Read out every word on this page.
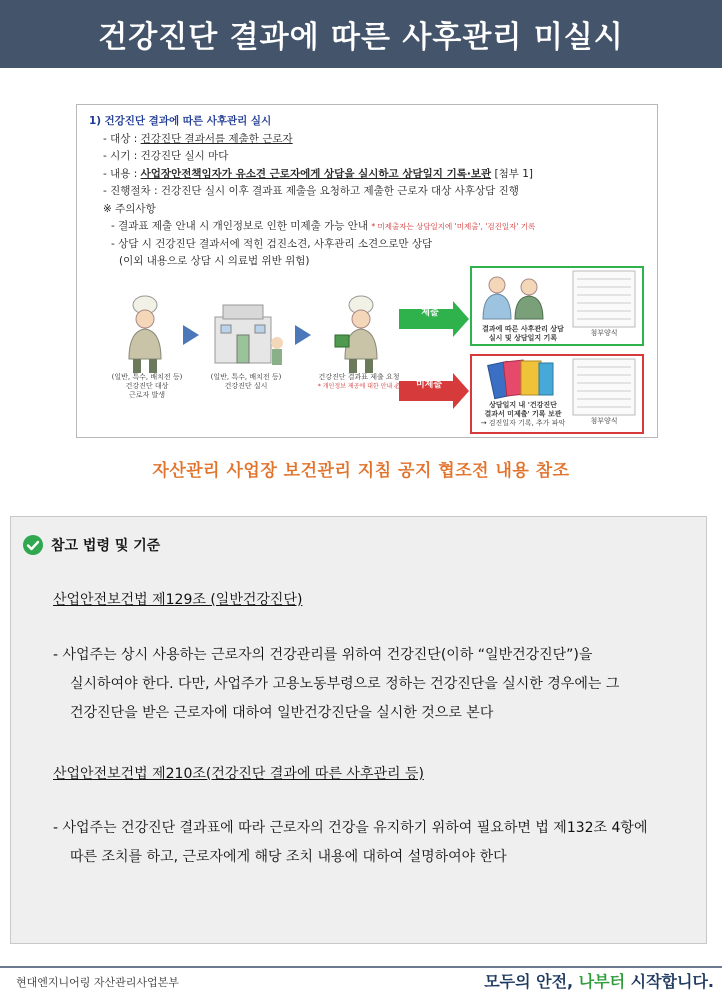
건강진단 결과에 따른 사후관리 미실시
1) 건강진단 결과에 따른 사후관리 실시
- 대상 : 건강진단 결과서를 제출한 근로자
- 시기 : 건강진단 실시 마다
- 내용 : 사업장안전책임자가 유소견 근로자에게 상담을 실시하고 상담일지 기록·보관 [첨부 1]
- 진행절차 : 건강진단 실시 이후 결과표 제출을 요청하고 제출한 근로자 대상 사후상담 진행
※ 주의사항
- 결과표 제출 안내 시 개인정보로 인한 미제출 가능 안내 * 미제출자는 상담일지에 '미제출', '검진일자' 기록
- 상담 시 건강진단 결과서에 적힌 검진소견, 사후관리 소견으로만 상담
(이외 내용으로 상담 시 의료법 위반 위험)
(일반, 특수, 배치전 등)
건강진단 대상
근로자 발생
(일반, 특수, 배치전 등)
건강진단 실시
건강진단 결과표 제출 요청
* 개인정보 제공에 대한 안내 必
제출
미제출
결과에 따른 사후관리 상담
실시 및 상담일지 기록
첨부양식
상담일지 내 '건강진단
결과서 미제출' 기록 보관
→ 검진일자 기록, 추가 파악	첨부양식
자산관리 사업장 보건관리 지침 공지 협조전 내용 참조
참고 법령 및 기준
산업안전보건법 제129조 (일반건강진단)
- 사업주는 상시 사용하는 근로자의 건강관리를 위하여 건강진단(이하 “일반건강진단”)을
실시하여야 한다. 다만, 사업주가 고용노동부령으로 정하는 건강진단을 실시한 경우에는 그
건강진단을 받은 근로자에 대하여 일반건강진단을 실시한 것으로 본다
산업안전보건법 제210조(건강진단 결과에 따른 사후관리 등)
- 사업주는 건강진단 결과표에 따라 근로자의 건강을 유지하기 위하여 필요하면 법 제132조 4항에
따른 조치를 하고, 근로자에게 해당 조치 내용에 대하여 설명하여야 한다
현대엔지니어링 자산관리사업본부	모두의 안전, 나부터 시작합니다.
